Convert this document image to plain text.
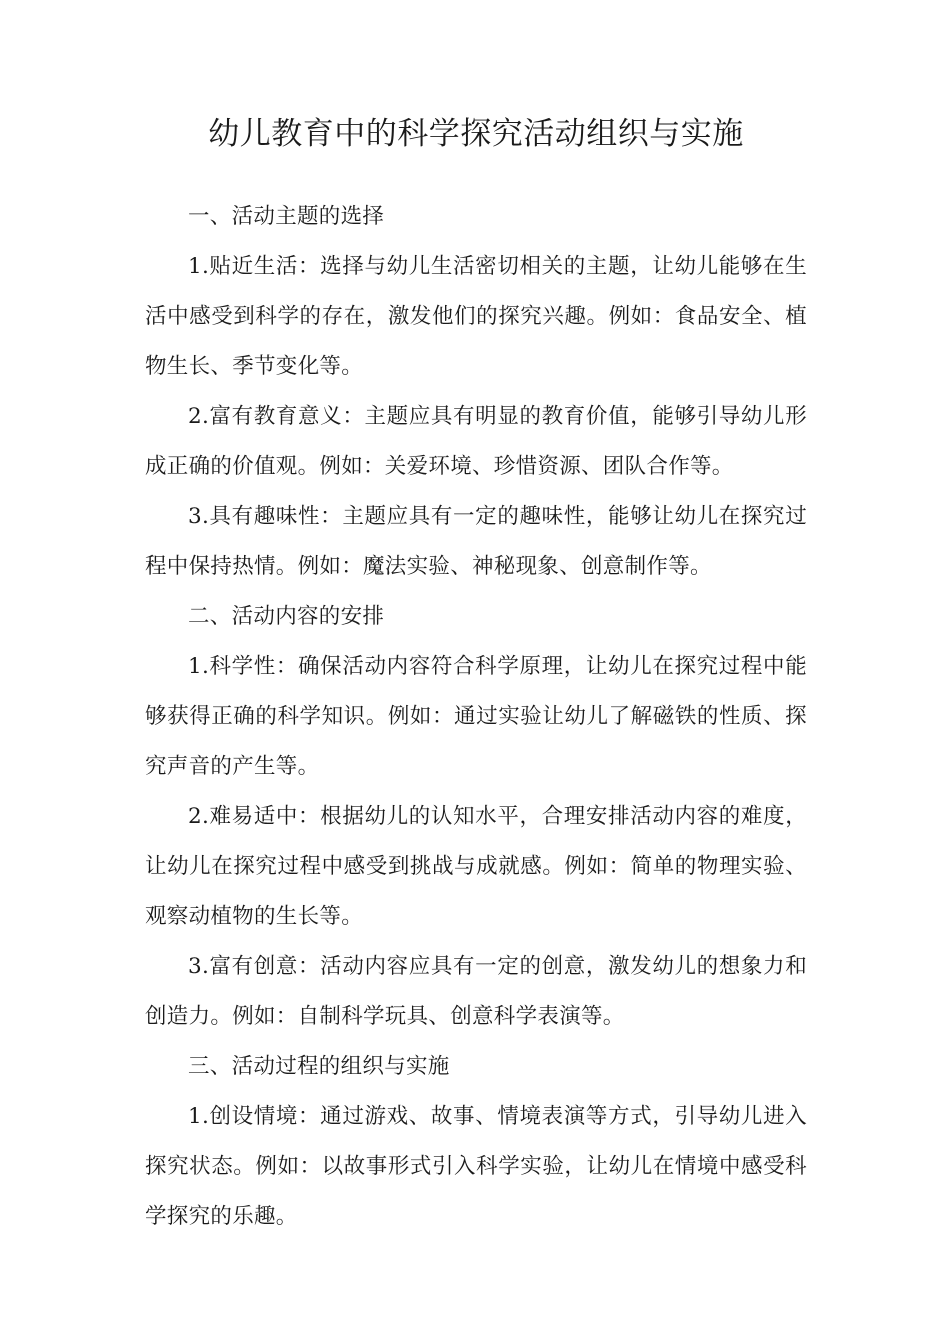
幼儿教育中的科学探究活动组织与实施

一、活动主题的选择

1.贴近生活：选择与幼儿生活密切相关的主题，让幼儿能够在生活中感受到科学的存在，激发他们的探究兴趣。例如：食品安全、植物生长、季节变化等。

2.富有教育意义：主题应具有明显的教育价值，能够引导幼儿形成正确的价值观。例如：关爱环境、珍惜资源、团队合作等。

3.具有趣味性：主题应具有一定的趣味性，能够让幼儿在探究过程中保持热情。例如：魔法实验、神秘现象、创意制作等。

二、活动内容的安排

1.科学性：确保活动内容符合科学原理，让幼儿在探究过程中能够获得正确的科学知识。例如：通过实验让幼儿了解磁铁的性质、探究声音的产生等。

2.难易适中：根据幼儿的认知水平，合理安排活动内容的难度，让幼儿在探究过程中感受到挑战与成就感。例如：简单的物理实验、观察动植物的生长等。

3.富有创意：活动内容应具有一定的创意，激发幼儿的想象力和创造力。例如：自制科学玩具、创意科学表演等。

三、活动过程的组织与实施

1.创设情境：通过游戏、故事、情境表演等方式，引导幼儿进入探究状态。例如：以故事形式引入科学实验，让幼儿在情境中感受科学探究的乐趣。
